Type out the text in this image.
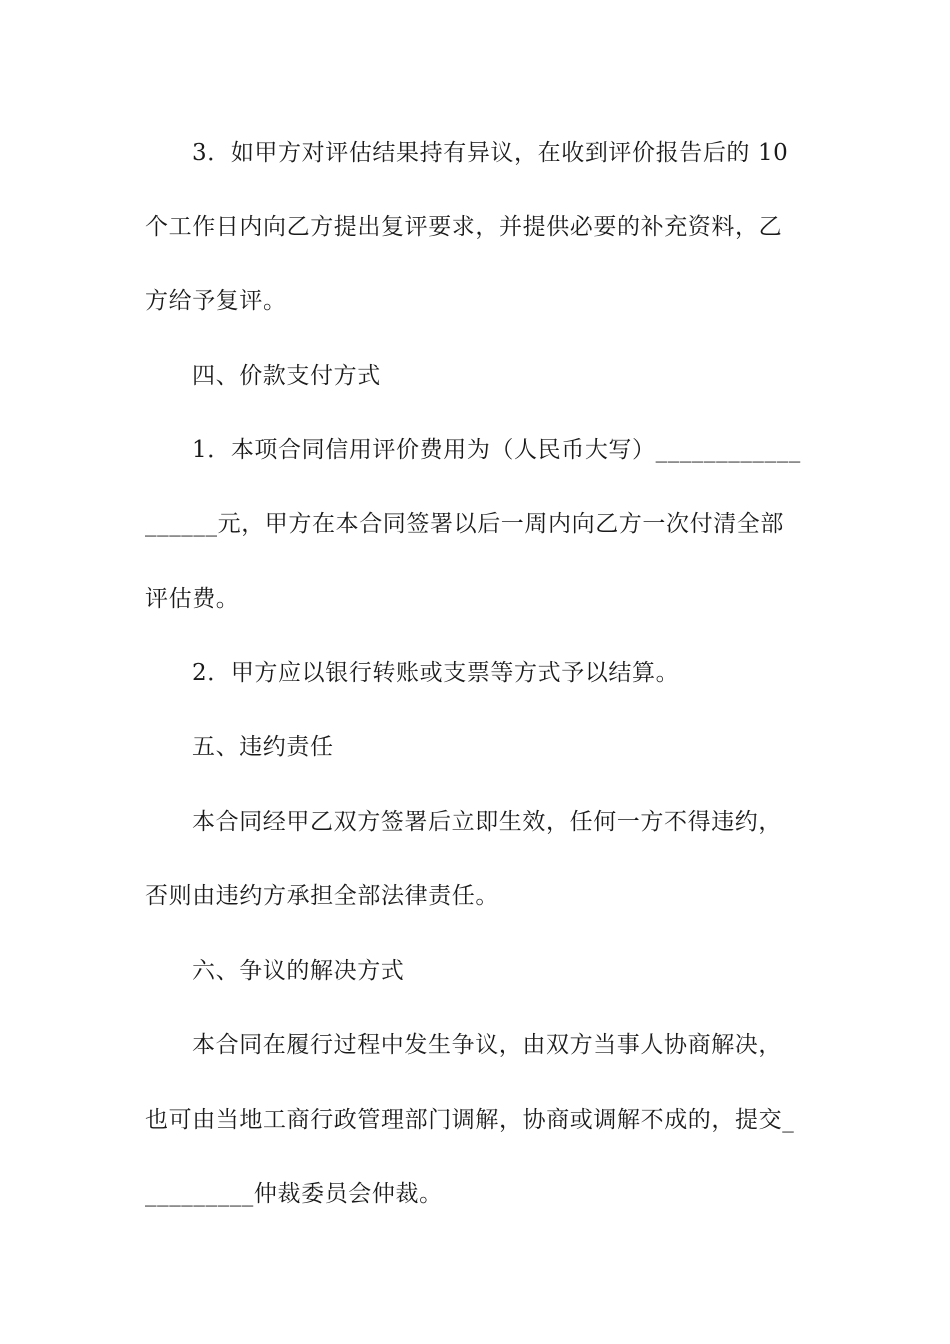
3．如甲方对评估结果持有异议，在收到评价报告后的 10
个工作日内向乙方提出复评要求，并提供必要的补充资料，乙
方给予复评。
四、价款支付方式
1．本项合同信用评价费用为（人民币大写）____________
______元，甲方在本合同签署以后一周内向乙方一次付清全部
评估费。
2．甲方应以银行转账或支票等方式予以结算。
五、违约责任
本合同经甲乙双方签署后立即生效，任何一方不得违约，
否则由违约方承担全部法律责任。
六、争议的解决方式
本合同在履行过程中发生争议，由双方当事人协商解决，
也可由当地工商行政管理部门调解，协商或调解不成的，提交_
_________仲裁委员会仲裁。
